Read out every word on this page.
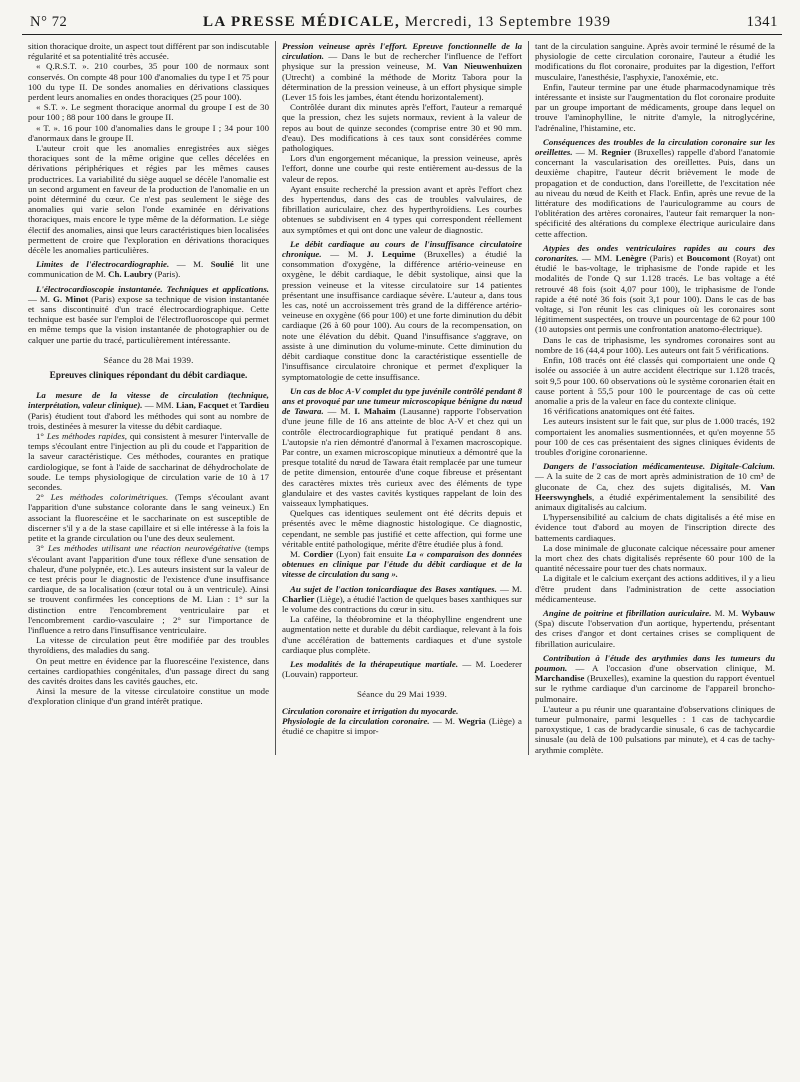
N° 72	LA PRESSE MÉDICALE, Mercredi, 13 Septembre 1939	1341

sition thoracique droite, un aspect tout différent par son indiscutable régularité et sa potentialité très accusée.

« Q.R.S.T. ». 210 courbes, 35 pour 100 de normaux sont conservés. On compte 48 pour 100 d'anomalies du type I et 75 pour 100 du type II. De sondes anomalies en dérivations classiques perdent leurs anomalies en ondes thoraciques (25 pour 100).

« S.T. ». Le segment thoracique anormal du groupe I est de 30 pour 100 ; 88 pour 100 dans le groupe II.

« T. ». 16 pour 100 d'anomalies dans le groupe I ; 34 pour 100 d'anormaux dans le groupe II.

L'auteur croit que les anomalies enregistrées aux sièges thoraciques sont de la même origine que celles décelées en dérivations périphériques et régies par les mêmes causes productrices. La variabilité du siège auquel se décèle l'anomalie est un second argument en faveur de la production de l'anomalie en un point déterminé du cœur. Ce n'est pas seulement le siège des anomalies qui varie selon l'onde examinée en dérivations thoraciques, mais encore le type même de la déformation. Le siège électif des anomalies, ainsi que leurs caractéristiques bien localisées permettent de croire que l'exploration en dérivations thoraciques décèle les anomalies particulières.

Limites de l'électrocardiographie. — M. Soulié lit une communication de M. Ch. Laubry (Paris).

L'électrocardioscopie instantanée. Techniques et applications. — M. G. Minot (Paris) expose sa technique de vision instantanée et sans discontinuité d'un tracé électrocardiographique. Cette technique est basée sur l'emploi de l'électrofluoroscope qui permet en même temps que la vision instantanée de photographier ou de calquer une partie du tracé, particulièrement intéressante.

Séance du 28 Mai 1939.
Epreuves cliniques répondant du débit cardiaque.

La mesure de la vitesse de circulation (technique, interprétation, valeur clinique). — MM. Lian, Facquet et Tardieu (Paris) étudient tout d'abord les méthodes qui sont au nombre de trois, destinées à mesurer la vitesse du débit cardiaque.

1° Les méthodes rapides, qui consistent à mesurer l'intervalle de temps s'écoulant entre l'injection au pli du coude et l'apparition de la saveur caractéristique. Ces méthodes, courantes en pratique cardiologique, se font à l'aide de saccharinat de déhydrocholate de soude. Le temps physiologique de circulation varie de 10 à 17 secondes.

2° Les méthodes colorimétriques. (Temps s'écoulant avant l'apparition d'une substance colorante dans le sang veineux.) En associant la fluorescéine et le saccharinate on est susceptible de discerner s'il y a de la stase capillaire et si elle intéresse à la fois la petite et la grande circulation ou l'une des deux seulement.

3° Les méthodes utilisant une réaction neurovégétative (temps s'écoulant avant l'apparition d'une toux réflexe d'une sensation de chaleur, d'une polypnée, etc.). Les auteurs insistent sur la valeur de ce test précis pour le diagnostic de l'existence d'une insuffisance cardiaque, de sa localisation (cœur total ou à un ventricule). Ainsi se trouvent confirmées les conceptions de M. Lian : 1° sur la distinction entre l'encombrement ventriculaire par et l'encombrement cardio-vasculaire ; 2° sur l'importance de l'influence a retro dans l'insuffisance ventriculaire.

La vitesse de circulation peut être modifiée par des troubles thyroïdiens, des maladies du sang.

On peut mettre en évidence par la fluorescéine l'existence, dans certaines cardiopathies congénitales, d'un passage direct du sang des cavités droites dans les cavités gauches, etc.

Ainsi la mesure de la vitesse circulatoire constitue un mode d'exploration clinique d'un grand intérêt pratique.

Pression veineuse après l'effort. Epreuve fonctionnelle de la circulation. — Dans le but de rechercher l'influence de l'effort physique sur la pression veineuse, M. Van Nieuwenhuizen (Utrecht) a combiné la méthode de Moritz Tabora pour la détermination de la pression veineuse, à un effort physique simple (Lever 15 fois les jambes, étant étendu horizontalement).

Contrôlée durant dix minutes après l'effort, l'auteur a remarqué que la pression, chez les sujets normaux, revient à la valeur de repos au bout de quinze secondes (comprise entre 30 et 90 mm. d'eau). Des modifications à ces taux sont considérées comme pathologiques.

Lors d'un engorgement mécanique, la pression veineuse, après l'effort, donne une courbe qui reste entièrement au-dessus de la valeur de repos.

Ayant ensuite recherché la pression avant et après l'effort chez des hypertendus, dans des cas de troubles valvulaires, de fibrillation auriculaire, chez des hyperthyroïdiens. Les courbes obtenues se subdivisent en 4 types qui correspondent réellement aux symptômes et qui ont donc une valeur de diagnostic.

Le débit cardiaque au cours de l'insuffisance circulatoire chronique. — M. J. Lequime (Bruxelles) a étudié la consommation d'oxygène, la différence artério-veineuse en oxygène, le débit cardiaque, le débit systolique, ainsi que la pression veineuse et la vitesse circulatoire sur 14 patientes présentant une insuffisance cardiaque sévère. L'auteur a, dans tous les cas, noté un accroissement très grand de la différence artério-veineuse en oxygène (66 pour 100) et une forte diminution du débit cardiaque (26 à 60 pour 100). Au cours de la recompensation, on note une élévation du débit. Quand l'insuffisance s'aggrave, on assiste à une diminution du volume-minute. Cette diminution du débit cardiaque constitue donc la caractéristique essentielle de l'insuffisance circulatoire chronique et permet d'expliquer la symptomatologie de cette insuffisance.

Un cas de bloc A-V complet du type juvénile contrôlé pendant 8 ans et provoqué par une tumeur microscopique bénigne du nœud de Tawara. — M. I. Mahaim (Lausanne) rapporte l'observation d'une jeune fille de 16 ans atteinte de bloc A-V et chez qui un contrôle électrocardiographique fut pratiqué pendant 8 ans. L'autopsie n'a rien démontré d'anormal à l'examen macroscopique. Par contre, un examen microscopique minutieux a démontré que la presque totalité du nœud de Tawara était remplacée par une tumeur de petite dimension, entourée d'une coque fibreuse et présentant des caractères mixtes très curieux avec des éléments de type glandulaire et des vastes cavités kystiques rappelant de loin des vaisseaux lymphatiques.

Quelques cas identiques seulement ont été décrits depuis et présentés avec le même diagnostic histologique. Ce diagnostic, cependant, ne semble pas justifié et cette affection, qui forme une véritable entité pathologique, mérite d'être étudiée plus à fond.

M. Cordier (Lyon) fait ensuite La « comparaison des données obtenues en clinique par l'étude du débit cardiaque et de la vitesse de circulation du sang ».

Au sujet de l'action tonicardiaque des Bases xantiques. — M. Charlier (Liège), a étudié l'action de quelques bases xanthiques sur le volume des contractions du cœur in situ.

La caféine, la théobromine et la théophylline engendrent une augmentation nette et durable du débit cardiaque, relevant à la fois d'une accélération de battements cardiaques et d'une systole cardiaque plus complète.

Les modalités de la thérapeutique martiale. — M. Loederer (Louvain) rapporteur.

Séance du 29 Mai 1939.

Circulation coronaire et irrigation du myocarde.

Physiologie de la circulation coronaire. — M. Wegria (Liège) a étudié ce chapitre si impor-

tant de la circulation sanguine. Après avoir terminé le résumé de la physiologie de cette circulation coronaire, l'auteur a étudié les modifications du flot coronaire, produites par la digestion, l'effort musculaire, l'anesthésie, l'asphyxie, l'anoxémie, etc.

Enfin, l'auteur termine par une étude pharmacodynamique très intéressante et insiste sur l'augmentation du flot coronaire produite par un groupe important de médicaments, groupe dans lequel on trouve l'aminophylline, le nitrite d'amyle, la nitroglycérine, l'adrénaline, l'histamine, etc.

Conséquences des troubles de la circulation coronaire sur les oreillettes. — M. Regnier (Bruxelles) rappelle d'abord l'anatomie concernant la vascularisation des oreillettes. Puis, dans un deuxième chapitre, l'auteur décrit brièvement le mode de propagation et de conduction, dans l'oreillette, de l'excitation née au niveau du nœud de Keith et Flack. Enfin, après une revue de la littérature des modifications de l'auriculogramme au cours de l'oblitération des artères coronaires, l'auteur fait remarquer la non-spécificité des altérations du complexe électrique auriculaire dans cette affection.

Atypies des ondes ventriculaires rapides au cours des coronarites. — MM. Lenègre (Paris) et Boucomont (Royat) ont étudié le bas-voltage, le triphasisme de l'onde rapide et les modalités de l'onde Q sur 1.128 tracés. Le bas voltage a été retrouvé 48 fois (soit 4,07 pour 100), le triphasisme de l'onde rapide a été noté 36 fois (soit 3,1 pour 100). Dans le cas de bas voltage, si l'on réunit les cas cliniques où les coronaires sont légitimement suspectées, on trouve un pourcentage de 62 pour 100 (10 autopsies ont permis une confrontation anatomo-électrique).

Dans le cas de triphasisme, les syndromes coronaires sont au nombre de 16 (44,4 pour 100). Les auteurs ont fait 5 vérifications.

Enfin, 108 tracés ont été classés qui comportaient une onde Q isolée ou associée à un autre accident électrique sur 1.128 tracés, soit 9,5 pour 100. 60 observations où le système coronarien était en cause portent à 55,5 pour 100 le pourcentage de cas où cette anomalie a pris de la valeur en face du contexte clinique.

16 vérifications anatomiques ont été faites.

Les auteurs insistent sur le fait que, sur plus de 1.000 tracés, 192 comportaient les anomalies susmentionnées, et qu'en moyenne 55 pour 100 de ces cas présentaient des signes cliniques évidents de troubles d'origine coronarienne.

Dangers de l'association médicamenteuse. Digitale-Calcium. — A la suite de 2 cas de mort après administration de 10 cm³ de gluconate de Ca, chez des sujets digitalisés, M. Van Heerswynghels, a étudié expérimentalement la sensibilité des animaux digitalisés au calcium.

L'hypersensibilité au calcium de chats digitalisés a été mise en évidence tout d'abord au moyen de l'inscription directe des battements cardiaques.

La dose minimale de gluconate calcique nécessaire pour amener la mort chez des chats digitalisés représente 60 pour 100 de la quantité nécessaire pour tuer des chats normaux.

La digitale et le calcium exerçant des actions additives, il y a lieu d'être prudent dans l'administration de cette association médicamenteuse.

Angine de poitrine et fibrillation auriculaire. M. M. Wybauw (Spa) discute l'observation d'un aortique, hypertendu, présentant des crises d'angor et dont certaines crises se compliquent de fibrillation auriculaire.

Contribution à l'étude des arythmies dans les tumeurs du poumon. — A l'occasion d'une observation clinique, M. Marchandise (Bruxelles), examine la question du rapport éventuel sur le rythme cardiaque d'un carcinome de l'appareil broncho-pulmonaire.

L'auteur a pu réunir une quarantaine d'observations cliniques de tumeur pulmonaire, parmi lesquelles : 1 cas de tachycardie paroxystique, 1 cas de bradycardie sinusale, 6 cas de tachycardie sinusale (au delà de 100 pulsations par minute), et 4 cas de tachy-arythmie complète.
